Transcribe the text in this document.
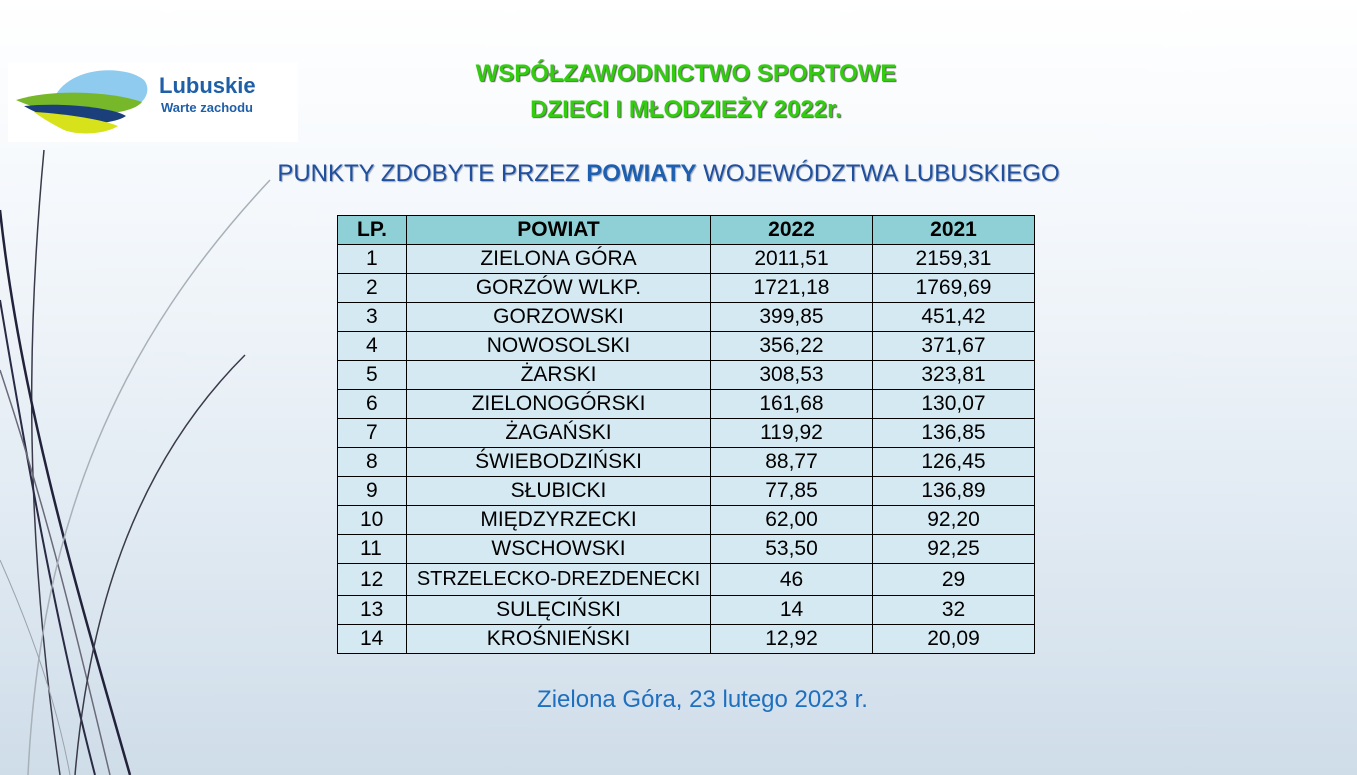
Lubuskie
Warte zachodu
WSPÓŁZAWODNICTWO SPORTOWE
DZIECI I MŁODZIEŻY 2022r.
PUNKTY ZDOBYTE PRZEZ POWIATY WOJEWÓDZTWA LUBUSKIEGO
LP.	POWIAT	2022	2021
1	ZIELONA GÓRA	2011,51	2159,31
2	GORZÓW WLKP.	1721,18	1769,69
3	GORZOWSKI	399,85	451,42
4	NOWOSOLSKI	356,22	371,67
5	ŻARSKI	308,53	323,81
6	ZIELONOGÓRSKI	161,68	130,07
7	ŻAGAŃSKI	119,92	136,85
8	ŚWIEBODZIŃSKI	88,77	126,45
9	SŁUBICKI	77,85	136,89
10	MIĘDZYRZECKI	62,00	92,20
11	WSCHOWSKI	53,50	92,25
12	STRZELECKO-DREZDENECKI	46	29
13	SULĘCIŃSKI	14	32
14	KROŚNIEŃSKI	12,92	20,09
Zielona Góra, 23 lutego 2023 r.
